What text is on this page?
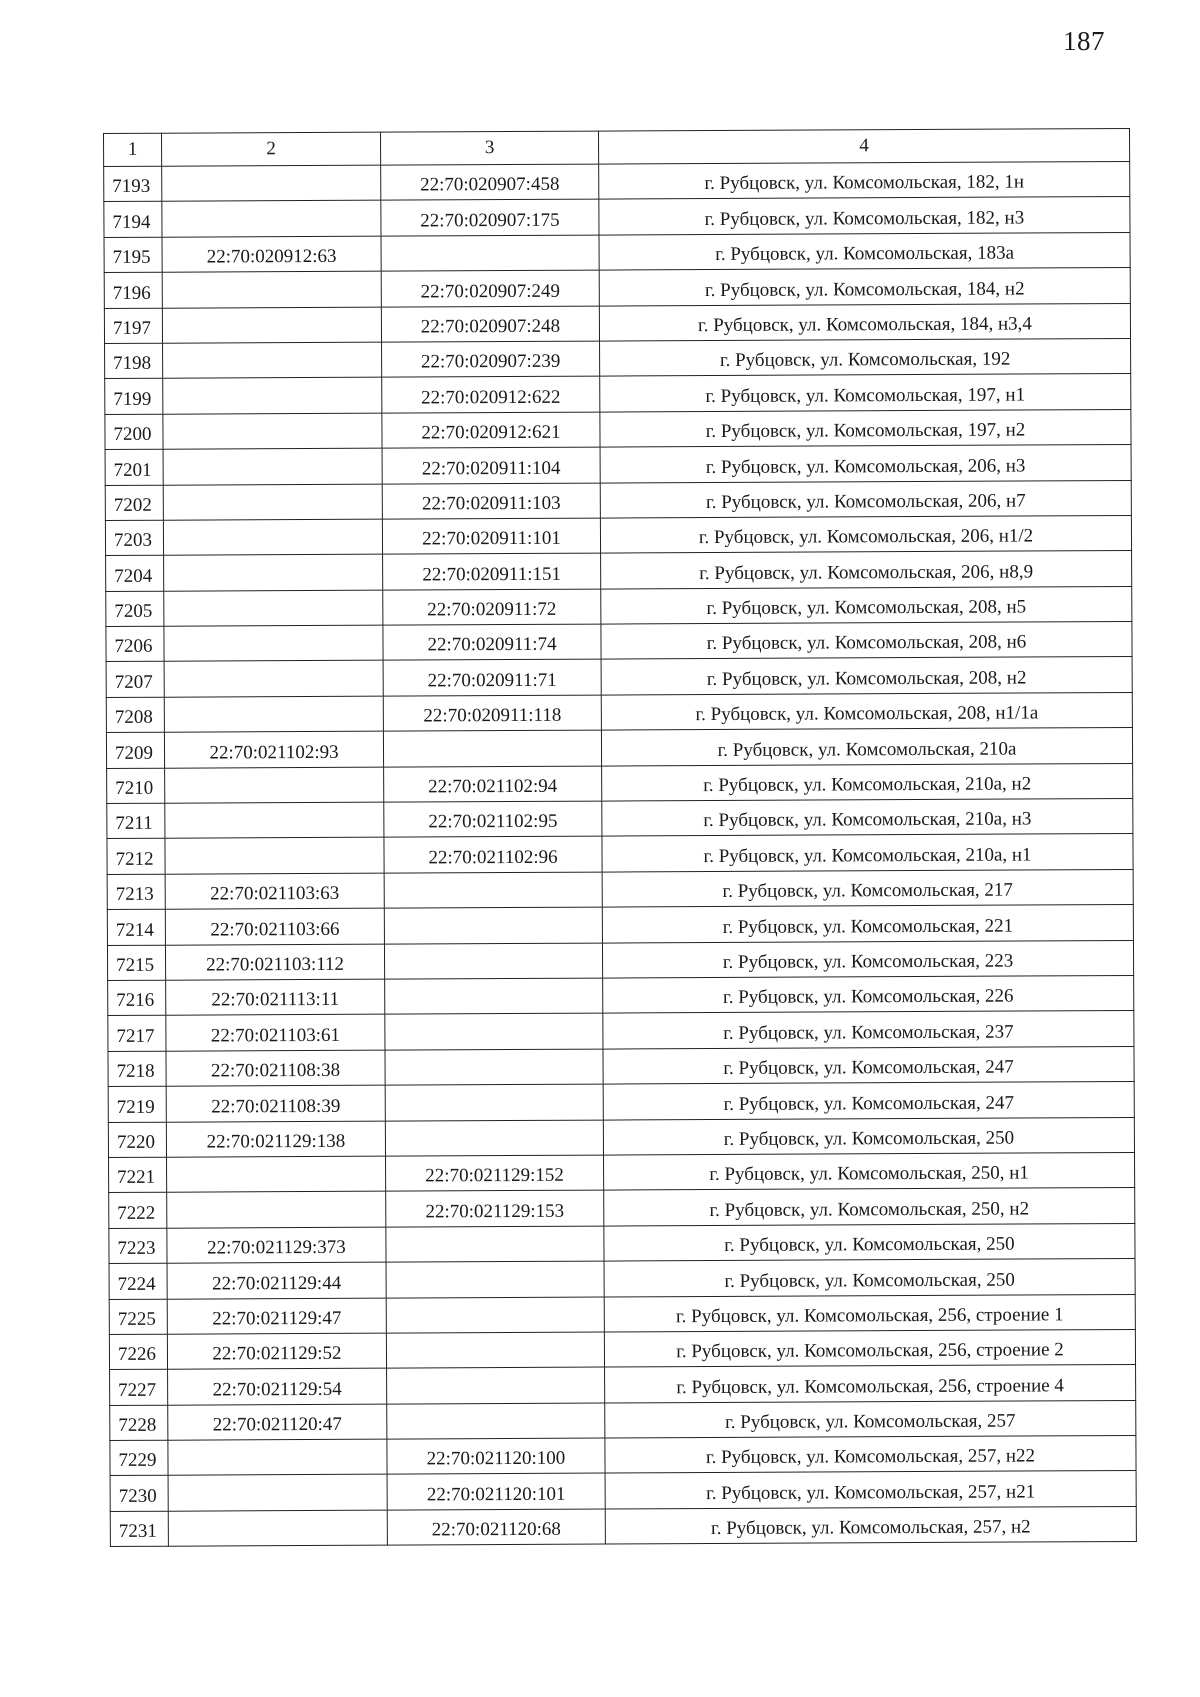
187
1	2	3	4
7193		22:70:020907:458	г. Рубцовск, ул. Комсомольская, 182, 1н
7194		22:70:020907:175	г. Рубцовск, ул. Комсомольская, 182, н3
7195	22:70:020912:63		г. Рубцовск, ул. Комсомольская, 183а
7196		22:70:020907:249	г. Рубцовск, ул. Комсомольская, 184, н2
7197		22:70:020907:248	г. Рубцовск, ул. Комсомольская, 184, н3,4
7198		22:70:020907:239	г. Рубцовск, ул. Комсомольская, 192
7199		22:70:020912:622	г. Рубцовск, ул. Комсомольская, 197, н1
7200		22:70:020912:621	г. Рубцовск, ул. Комсомольская, 197, н2
7201		22:70:020911:104	г. Рубцовск, ул. Комсомольская, 206, н3
7202		22:70:020911:103	г. Рубцовск, ул. Комсомольская, 206, н7
7203		22:70:020911:101	г. Рубцовск, ул. Комсомольская, 206, н1/2
7204		22:70:020911:151	г. Рубцовск, ул. Комсомольская, 206, н8,9
7205		22:70:020911:72	г. Рубцовск, ул. Комсомольская, 208, н5
7206		22:70:020911:74	г. Рубцовск, ул. Комсомольская, 208, н6
7207		22:70:020911:71	г. Рубцовск, ул. Комсомольская, 208, н2
7208		22:70:020911:118	г. Рубцовск, ул. Комсомольская, 208, н1/1а
7209	22:70:021102:93		г. Рубцовск, ул. Комсомольская, 210а
7210		22:70:021102:94	г. Рубцовск, ул. Комсомольская, 210а, н2
7211		22:70:021102:95	г. Рубцовск, ул. Комсомольская, 210а, н3
7212		22:70:021102:96	г. Рубцовск, ул. Комсомольская, 210а, н1
7213	22:70:021103:63		г. Рубцовск, ул. Комсомольская, 217
7214	22:70:021103:66		г. Рубцовск, ул. Комсомольская, 221
7215	22:70:021103:112		г. Рубцовск, ул. Комсомольская, 223
7216	22:70:021113:11		г. Рубцовск, ул. Комсомольская, 226
7217	22:70:021103:61		г. Рубцовск, ул. Комсомольская, 237
7218	22:70:021108:38		г. Рубцовск, ул. Комсомольская, 247
7219	22:70:021108:39		г. Рубцовск, ул. Комсомольская, 247
7220	22:70:021129:138		г. Рубцовск, ул. Комсомольская, 250
7221		22:70:021129:152	г. Рубцовск, ул. Комсомольская, 250, н1
7222		22:70:021129:153	г. Рубцовск, ул. Комсомольская, 250, н2
7223	22:70:021129:373		г. Рубцовск, ул. Комсомольская, 250
7224	22:70:021129:44		г. Рубцовск, ул. Комсомольская, 250
7225	22:70:021129:47		г. Рубцовск, ул. Комсомольская, 256, строение 1
7226	22:70:021129:52		г. Рубцовск, ул. Комсомольская, 256, строение 2
7227	22:70:021129:54		г. Рубцовск, ул. Комсомольская, 256, строение 4
7228	22:70:021120:47		г. Рубцовск, ул. Комсомольская, 257
7229		22:70:021120:100	г. Рубцовск, ул. Комсомольская, 257, н22
7230		22:70:021120:101	г. Рубцовск, ул. Комсомольская, 257, н21
7231		22:70:021120:68	г. Рубцовск, ул. Комсомольская, 257, н2
